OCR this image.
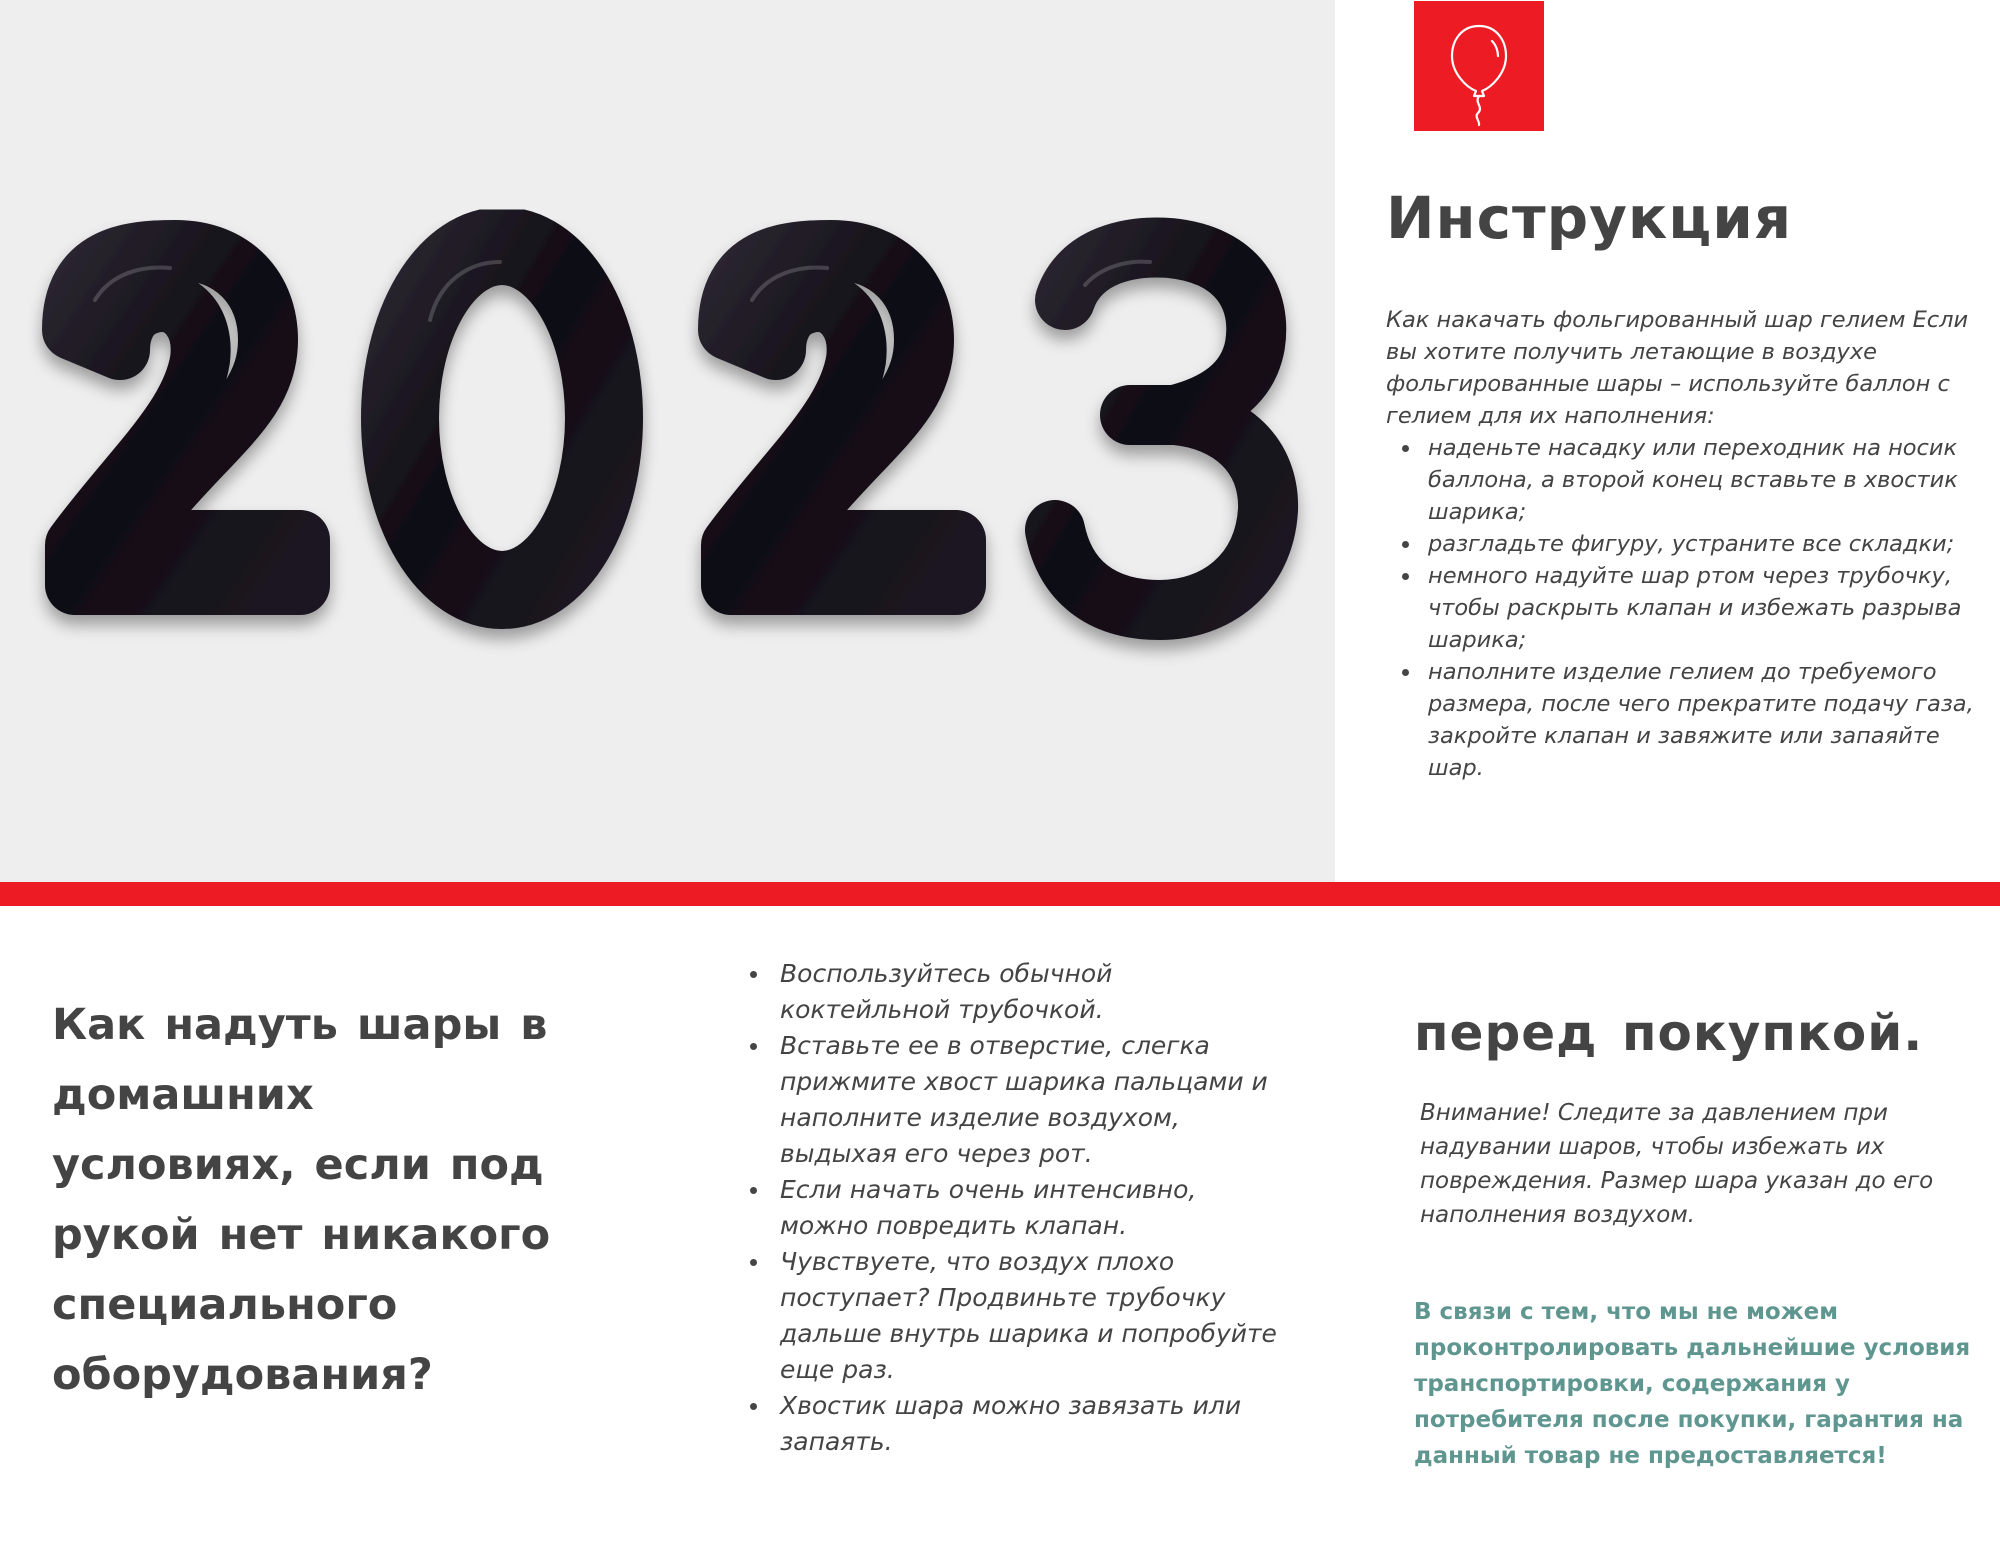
Инструкция

Как накачать фольгированный шар гелием Если вы хотите получить летающие в воздухе фольгированные шары – используйте баллон с гелием для их наполнения:

наденьте насадку или переходник на носик баллона, а второй конец вставьте в хвостик шарика;
разгладьте фигуру, устраните все складки;
немного надуйте шар ртом через трубочку, чтобы раскрыть клапан и избежать разрыва шарика;
наполните изделие гелием до требуемого размера, после чего прекратите подачу газа, закройте клапан и завяжите или запаяйте шар.
Как надуть шары в домашних условиях, если под рукой нет никакого специального оборудования?
Воспользуйтесь обычной коктейльной трубочкой.
Вставьте ее в отверстие, слегка прижмите хвост шарика пальцами и наполните изделие воздухом, выдыхая его через рот.
Если начать очень интенсивно, можно повредить клапан.
Чувствуете, что воздух плохо поступает? Продвиньте трубочку дальше внутрь шарика и попробуйте еще раз.
Хвостик шара можно завязать или запаять.
перед покупкой.
Внимание! Следите за давлением при надувании шаров, чтобы избежать их повреждения. Размер шара указан до его наполнения воздухом.
В связи с тем, что мы не можем проконтролировать дальнейшие условия транспортировки, содержания у потребителя после покупки, гарантия на данный товар не предоставляется!
